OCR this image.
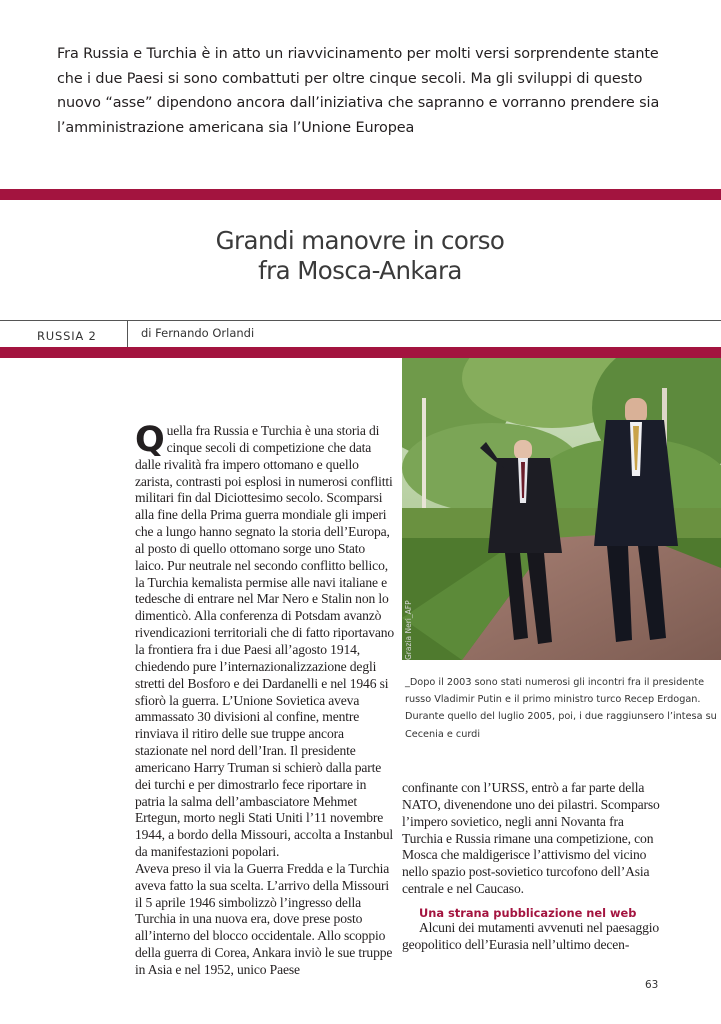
Fra Russia e Turchia è in atto un riavvicinamento per molti versi sorprendente stante che i due Paesi si sono combattuti per oltre cinque secoli. Ma gli sviluppi di questo nuovo “asse” dipendono ancora dall’iniziativa che sapranno e vorranno prendere sia l’amministrazione americana sia l’Unione Europea

Grandi manovre in corso
fra Mosca-Ankara
RUSSIA 2	di Fernando Orlandi
Grazia Neri_AFP

_Dopo il 2003 sono stati numerosi gli incontri fra il presidente russo Vladimir Putin e il primo ministro turco Recep Erdogan. Durante quello del luglio 2005, poi, i due raggiunsero l’intesa su Cecenia e curdi

Quella fra Russia e Turchia è una storia di cinque secoli di competizione che data dalle rivalità fra impero ottomano e quello zarista, contrasti poi esplosi in numerosi conflitti militari fin dal Diciottesimo secolo. Scomparsi alla fine della Prima guerra mondiale gli imperi che a lungo hanno segnato la storia dell’Europa, al posto di quello ottomano sorge uno Stato laico. Pur neutrale nel secondo conflitto bellico, la Turchia kemalista permise alle navi italiane e tedesche di entrare nel Mar Nero e Stalin non lo dimenticò. Alla conferenza di Potsdam avanzò rivendicazioni territoriali che di fatto riportavano la frontiera fra i due Paesi all’agosto 1914, chiedendo pure l’internazionalizzazione degli stretti del Bosforo e dei Dardanelli e nel 1946 si sfiorò la guerra. L’Unione Sovietica aveva ammassato 30 divisioni al confine, mentre rinviava il ritiro delle sue truppe ancora stazionate nel nord dell’Iran. Il presidente americano Harry Truman si schierò dalla parte dei turchi e per dimostrarlo fece riportare in patria la salma dell’ambasciatore Mehmet Ertegun, morto negli Stati Uniti l’11 novembre 1944, a bordo della Missouri, accolta a Instanbul da manifestazioni popolari.

Aveva preso il via la Guerra Fredda e la Turchia aveva fatto la sua scelta. L’arrivo della Missouri il 5 aprile 1946 simbolizzò l’ingresso della Turchia in una nuova era, dove prese posto all’interno del blocco occidentale. Allo scoppio della guerra di Corea, Ankara inviò le sue truppe in Asia e nel 1952, unico Paese

confinante con l’URSS, entrò a far parte della NATO, divenendone uno dei pilastri. Scomparso l’impero sovietico, negli anni Novanta fra Turchia e Russia rimane una competizione, con Mosca che maldigerisce l’attivismo del vicino nello spazio post-sovietico turcofono dell’Asia centrale e nel Caucaso.

Una strana pubblicazione nel web

Alcuni dei mutamenti avvenuti nel paesaggio geopolitico dell’Eurasia nell’ultimo decen-

63
